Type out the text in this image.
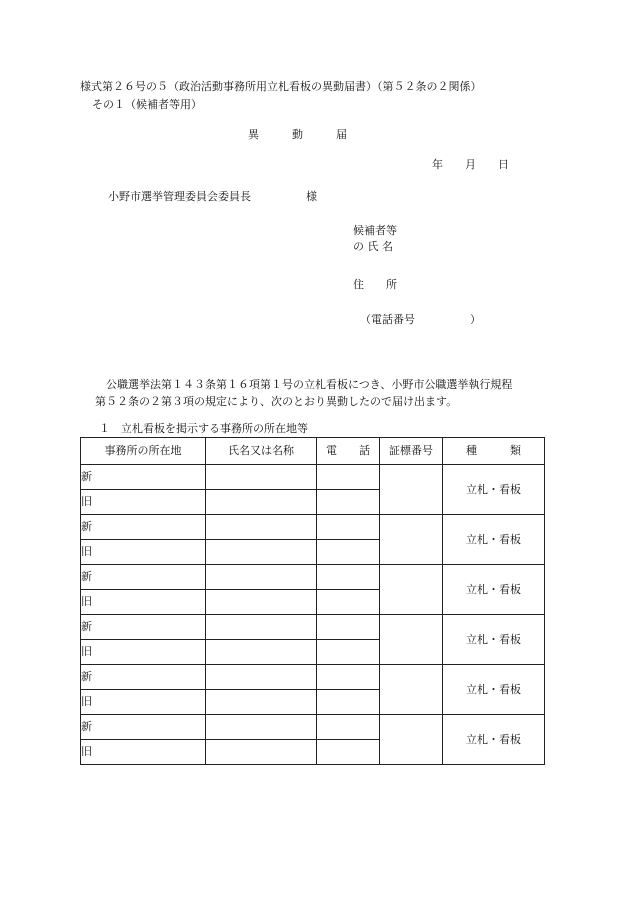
様式第２６号の５（政治活動事務所用立札看板の異動届書）（第５２条の２関係）
その１（候補者等用）
異　　　動　　　届
年　　月　　日
小野市選挙管理委員会委員長	様
候補者等
の 氏 名
住　　所
（電話番号　　　　　）
公職選挙法第１４３条第１６項第１号の立札看板につき、小野市公職選挙執行規程
第５２条の２第３項の規定により、次のとおり異動したので届け出ます。
１　立札看板を掲示する事務所の所在地等
事務所の所在地	氏名又は名称	電　　話	証標番号	種　　　類
新				立札・看板
旧				
新				立札・看板
旧				
新				立札・看板
旧				
新				立札・看板
旧				
新				立札・看板
旧				
新				立札・看板
旧				
